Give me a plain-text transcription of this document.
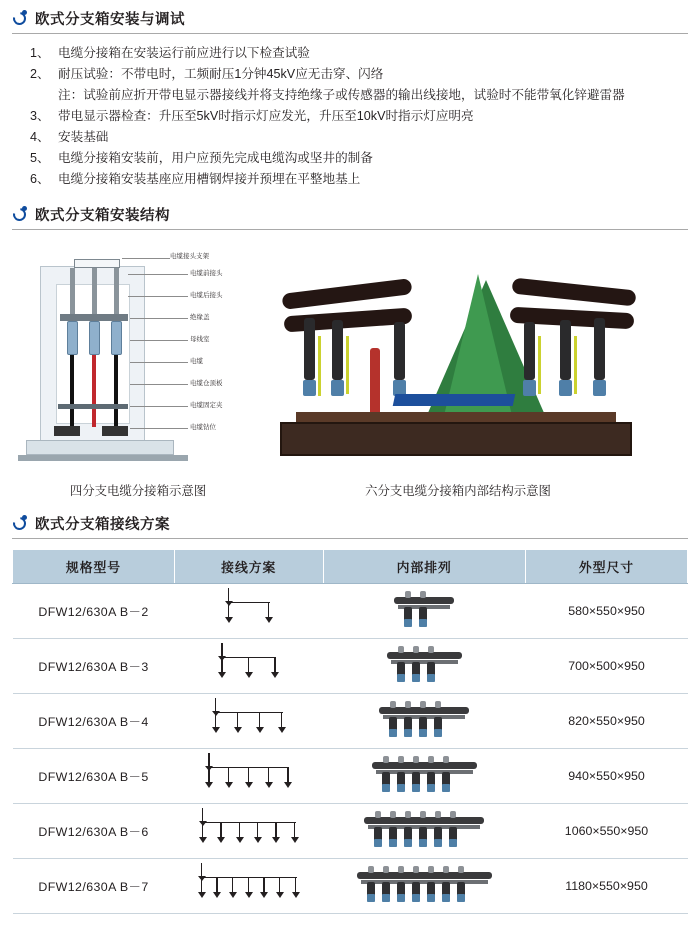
欧式分支箱安装与调试
1、 电缆分接箱在安装运行前应进行以下检查试验
2、 耐压试验：不带电时，工频耐压1分钟45kV应无击穿、闪络
注：试验前应折开带电显示器接线并将支持绝缘子或传感器的输出线接地，试验时不能带氧化锌避雷器
3、 带电显示器检查：升压至5kV时指示灯应发光，升压至10kV时指示灯应明亮
4、 安装基础
5、 电缆分接箱安装前，用户应预先完成电缆沟或坚井的制备
6、 电缆分接箱安装基座应用槽钢焊接并预埋在平整地基上
欧式分支箱安装结构
电缆接头支架
电缆前接头
电缆后接头
绝缘盖
母线室
电缆
电缆仓顶板
电缆固定夹
电缆钻位
四分支电缆分接箱示意图	六分支电缆分接箱内部结构示意图
欧式分支箱接线方案
规格型号	接线方案	内部排列	外型尺寸
DFW12/630A B－2			580×550×950
DFW12/630A B－3			700×500×950
DFW12/630A B－4			820×550×950
DFW12/630A B－5			940×550×950
DFW12/630A B－6			1060×550×950
DFW12/630A B－7			1180×550×950
